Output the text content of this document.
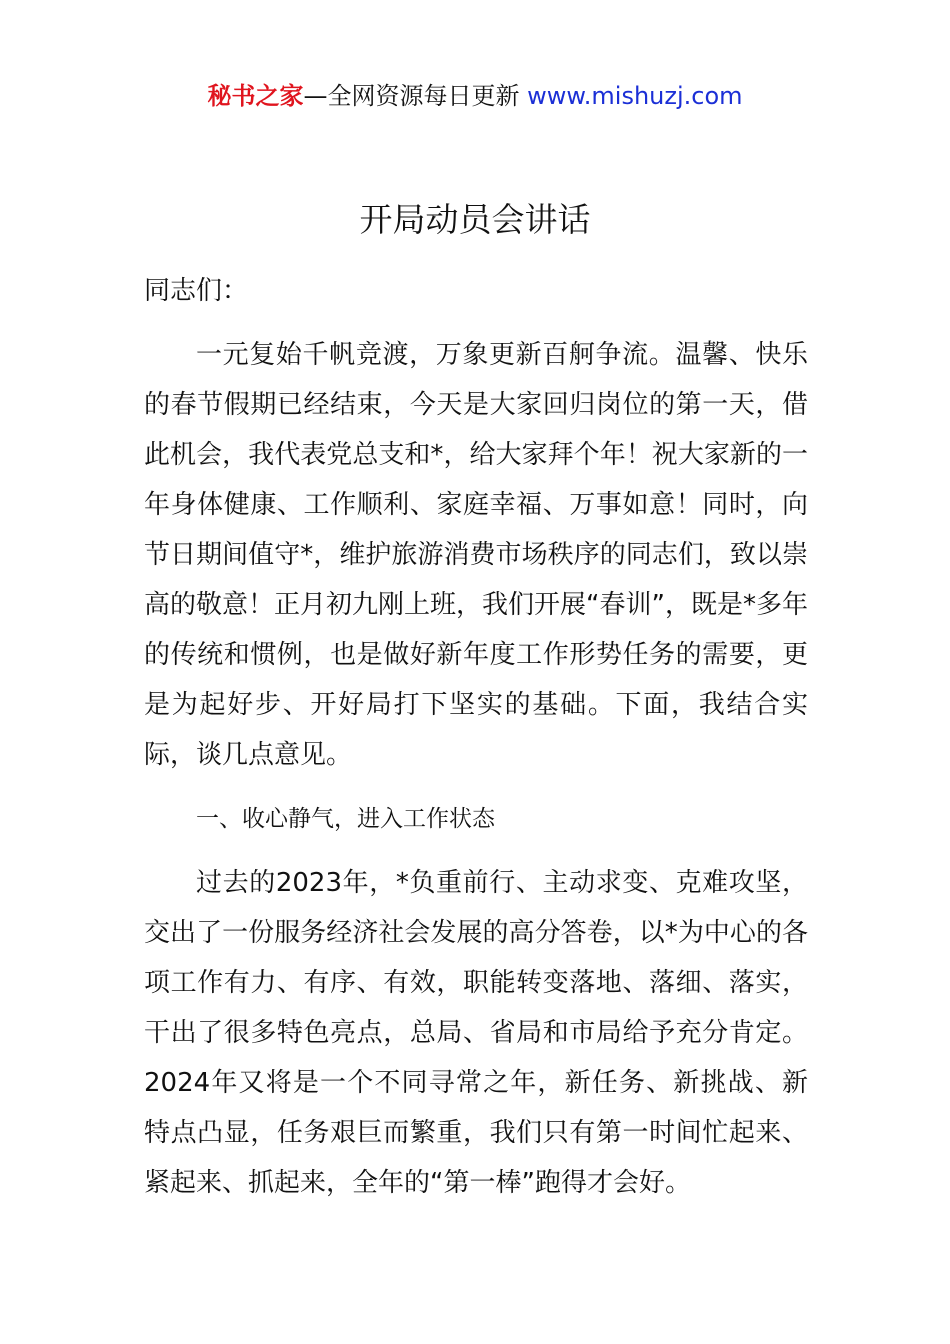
秘书之家—全网资源每日更新 www.mishuzj.com
开局动员会讲话

同志们：

一元复始千帆竞渡，万象更新百舸争流。温馨、快乐的春节假期已经结束，今天是大家回归岗位的第一天，借此机会，我代表党总支和*，给大家拜个年！祝大家新的一年身体健康、工作顺利、家庭幸福、万事如意！同时，向节日期间值守*，维护旅游消费市场秩序的同志们，致以崇高的敬意！正月初九刚上班，我们开展“春训”，既是*多年的传统和惯例，也是做好新年度工作形势任务的需要，更是为起好步、开好局打下坚实的基础。下面，我结合实际，谈几点意见。

一、收心静气，进入工作状态

过去的2023年，*负重前行、主动求变、克难攻坚，交出了一份服务经济社会发展的高分答卷，以*为中心的各项工作有力、有序、有效，职能转变落地、落细、落实，干出了很多特色亮点，总局、省局和市局给予充分肯定。2024年又将是一个不同寻常之年，新任务、新挑战、新特点凸显，任务艰巨而繁重，我们只有第一时间忙起来、紧起来、抓起来，全年的“第一棒”跑得才会好。
